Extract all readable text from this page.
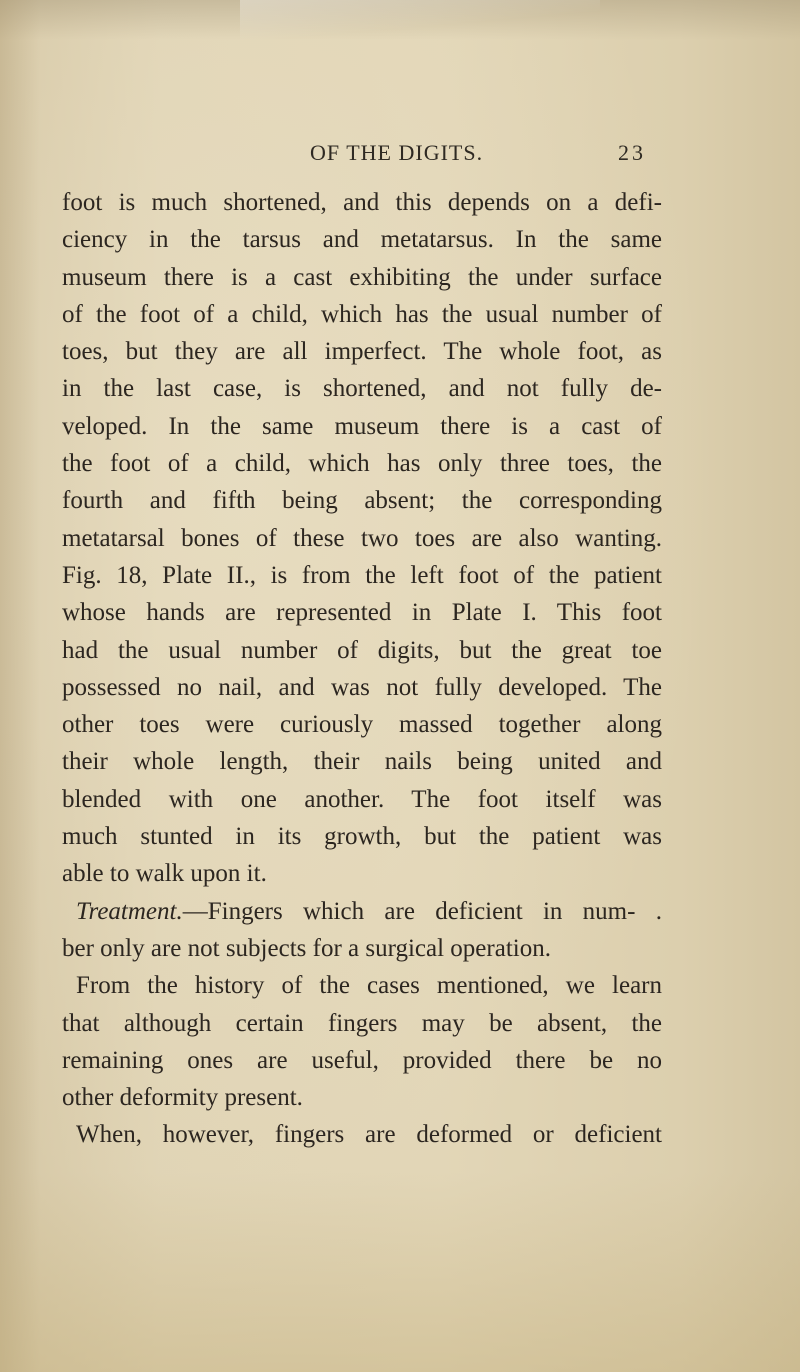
OF THE DIGITS.	23
foot is much shortened, and this depends on a defi-
ciency in the tarsus and metatarsus. In the same
museum there is a cast exhibiting the under surface
of the foot of a child, which has the usual number of
toes, but they are all imperfect. The whole foot, as
in the last case, is shortened, and not fully de-
veloped. In the same museum there is a cast of
the foot of a child, which has only three toes, the
fourth and fifth being absent; the corresponding
metatarsal bones of these two toes are also wanting.
Fig. 18, Plate II., is from the left foot of the patient
whose hands are represented in Plate I. This foot
had the usual number of digits, but the great toe
possessed no nail, and was not fully developed. The
other toes were curiously massed together along
their whole length, their nails being united and
blended with one another. The foot itself was
much stunted in its growth, but the patient was
able to walk upon it.
Treatment.—Fingers which are deficient in num- .
ber only are not subjects for a surgical operation.
From the history of the cases mentioned, we learn
that although certain fingers may be absent, the
remaining ones are useful, provided there be no
other deformity present.
When, however, fingers are deformed or deficient
